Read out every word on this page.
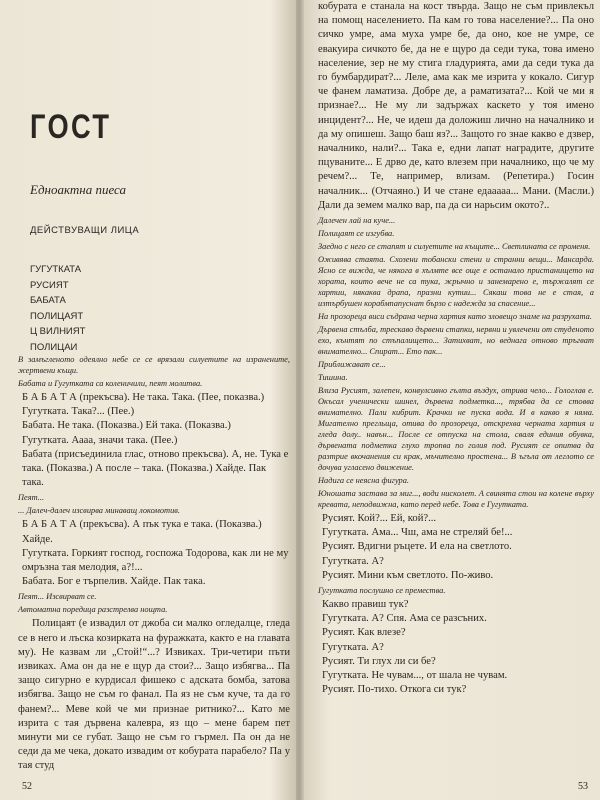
ГОСТ
Едноактна пиеса
ДЕЙСТВУВАЩИ ЛИЦА
ГУГУТКАТА
РУСИЯТ
БАБАТА
ПОЛИЦАЯТ
Ц ВИЛНИЯТ
ПОЛИЦАИ

В замъгленото одеялно небе се се врязали силуетите на изранените, жертвени къщи.

Бабата и Гугутката са коленичили, пеят молитва.

Б А Б А Т А (прекъсва). Не така. Така. (Пее, показва.)

Гугутката. Така?... (Пее.)

Бабата. Не така. (Показва.) Ей така. (Показва.)

Гугутката. Аааа, значи така. (Пее.)

Бабата (присъединила глас, отново прекъсва). А, не. Тука е така. (Показва.) А после – така. (Показва.) Хайде. Пак така.

Пеят...

... Далеч-далеч изсвирва минаващ локомотив.

Б А Б А Т А (прекъсва). А пък тука е така. (Показва.) Хайде.

Гугутката. Горкият господ, госпожа Тодорова, как ли не му омръзна тая мелодия, а?!...

Бабата. Бог е търпелив. Хайде. Пак така.

Пеят... Изсвирват се.

Автоматна поредица разстрелва нощта.

Полицаят (е извадил от джоба си малко огледалце, гледа се в него и лъска козирката на фуражката, както е на главата му). Не казвам ли „Стой!“...? Извиках. Три-четири пъти извиках. Ама он да не е щур да стои?... Защо избягва... Па защо сигурно е курдисал фишеко с адската бомба, затова избягва. Защо не съм го фанал. Па яз не съм куче, та да го фанем?... Меве кой че ми признае ритнико?... Като ме изрита с тая дървена калевра, яз що – мене барем пет минути ми се губат. Защо не съм го гърмел. Па он да не седи да ме чека, докато извадим от кобурата парабело? Па у тая студ

52

кобурата е станала на кост твърда. Защо не съм привлекъл на помощ населението. Па кам го това население?... Па оно сичко умре, ама муха умре бе, да оно, кое не умре, се евакуира сичкото бе, да не е щуро да седи тука, това имено население, зер не му стига гладурията, ами да седи тука да го бумбардират?... Леле, ама как ме изрита у кокало. Сигур че фанем ламатиза. Добре де, а раматизата?... Кой че ми я признае?... Не му ли задържах каскето у тоя имено инцидент?... Не, че идеш да доложиш лично на началнико и да му опишеш. Защо баш яз?... Защото го знае какво е дзвер, началнико, нали?... Така е, едни лапат наградите, другите пцуваните... Е дрво де, като влезем при началнико, що че му речем?... Те, например, влизам. (Репетира.) Госин началник... (Отчаяно.) И че стане едааааа... Мани. (Масли.) Дали да земем малко вар, па да си нарьсим окото?..

Далечен лай на куче...

Полицаят се изгубва.

Заедно с него се стапят и силуетите на къщите... Светлината се променя.

Оживява стаята. Схозени тобански стени и странни вещи... Мансарда. Ясно се вижда, че някога в хълмте все още е останало пристанището на хората, които вече не са тука, жрычно и занемарено е, тържалят се хартии, някаква драпа, празни кутии... Сякаш това не е стая, а изтърбушен корабмпапуснат бързо с надежда за спасение...

На прозореца виси съдрана черна хартия като зловещо знаме на разрухата.

Дървена стълба, трескаво дървени стапки, нервни и увлечени от студеното ехо, кънтят по стъпалището... Затихват, но веднага отново тръгват внимателно... Спират... Ето пак...

Приближават се...

Тишина.

Влиза Русият, залепен, конвулсивно гълта въздух, отрива чело... Гологлав е. Окъсал ученически шинел, дървена подметка..., трябва да се стовва внимателно. Пали кибрит. Крачки не пуска вода. И в какво я няма. Мигателно прегльща, отива до прозореца, отскрехва черната хартия и гледа долу.. навън... После се отпуска на стола, сваля единия обувка, дървената подметка глухо тропва по голия под. Русият се опитва да разтрие вкочанения си крак, мъчително простена... В ъгъла от леглото се дочува угласено движение.

Надига се неясна фигура.

Юношата застава за миг..., води нисколет. А свинята стои на колене върху кревата, неподвижна, като перед небе. Това е Гугутката.

Русият. Кой?... Ей, кой?...

Гугутката. Ама... Чш, ама не стреляй бе!...

Русият. Вдигни ръцете. И ела на светлото.

Гугутката. А?

Русият. Мини към светлото. По-живо.

Гугутката послушно се премества.

Какво правиш тук?

Гугутката. А? Спя. Ама се разсъних.

Русият. Как влезе?

Гугутката. А?

Русият. Ти глух ли си бе?

Гугутката. Не чувам..., от шала не чувам.

Русият. По-тихо. Откога си тук?

53
